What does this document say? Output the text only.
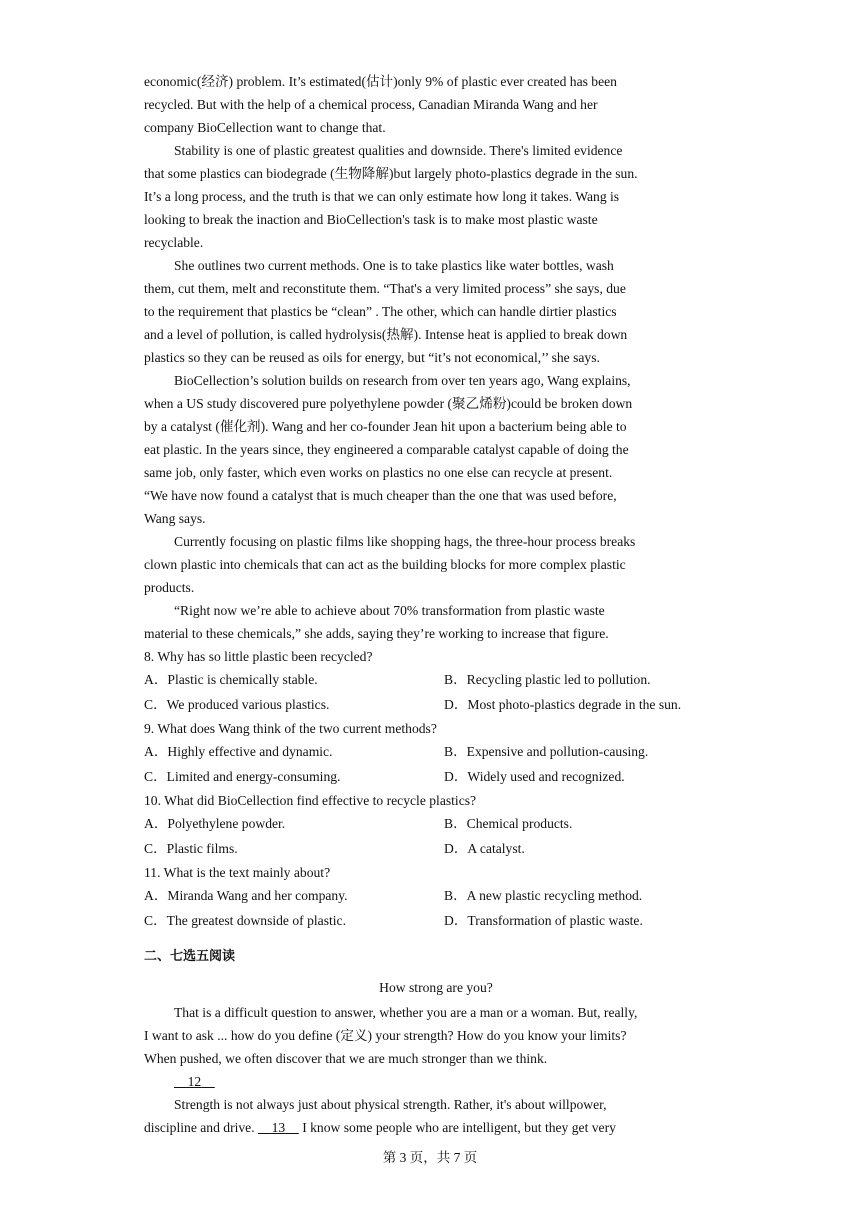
economic(经济) problem. It’s estimated(估计)only 9% of plastic ever created has been
recycled. But with the help of a chemical process, Canadian Miranda Wang and her
company BioCellection want to change that.
Stability is one of plastic greatest qualities and downside. There's limited evidence
that some plastics can biodegrade (生物降解)but largely photo-plastics degrade in the sun.
It’s a long process, and the truth is that we can only estimate how long it takes. Wang is
looking to break the inaction and BioCellection's task is to make most plastic waste
recyclable.
She outlines two current methods. One is to take plastics like water bottles, wash
them, cut them, melt and reconstitute them. “That's a very limited process” she says, due
to the requirement that plastics be “clean” . The other, which can handle dirtier plastics
and a level of pollution, is called hydrolysis(热解). Intense heat is applied to break down
plastics so they can be reused as oils for energy, but “it’s not economical,’’ she says.
BioCellection’s solution builds on research from over ten years ago, Wang explains,
when a US study discovered pure polyethylene powder (聚乙烯粉)could be broken down
by a catalyst (催化剂). Wang and her co-founder Jean hit upon a bacterium being able to
eat plastic. In the years since, they engineered a comparable catalyst capable of doing the
same job, only faster, which even works on plastics no one else can recycle at present.
“We have now found a catalyst that is much cheaper than the one that was used before,
Wang says.
Currently focusing on plastic films like shopping hags, the three-hour process breaks
clown plastic into chemicals that can act as the building blocks for more complex plastic
products.
“Right now we’re able to achieve about 70% transformation from plastic waste
material to these chemicals,” she adds, saying they’re working to increase that figure.
8. Why has so little plastic been recycled?
A．Plastic is chemically stable.	B．Recycling plastic led to pollution.
C．We produced various plastics.	D．Most photo-plastics degrade in the sun.
9. What does Wang think of the two current methods?
A．Highly effective and dynamic.	B．Expensive and pollution-causing.
C．Limited and energy-consuming.	D．Widely used and recognized.
10. What did BioCellection find effective to recycle plastics?
A．Polyethylene powder.	B．Chemical products.
C．Plastic films.	D．A catalyst.
11. What is the text mainly about?
A．Miranda Wang and her company.	B．A new plastic recycling method.
C．The greatest downside of plastic.	D．Transformation of plastic waste.
二、七选五阅读
How strong are you?
That is a difficult question to answer, whether you are a man or a woman. But, really,
I want to ask ... how do you define (定义) your strength? How do you know your limits?
When pushed, we often discover that we are much stronger than we think.
12
Strength is not always just about physical strength. Rather, it's about willpower,
discipline and drive.     13     I know some people who are intelligent, but they get very
第 3 页，共 7 页
